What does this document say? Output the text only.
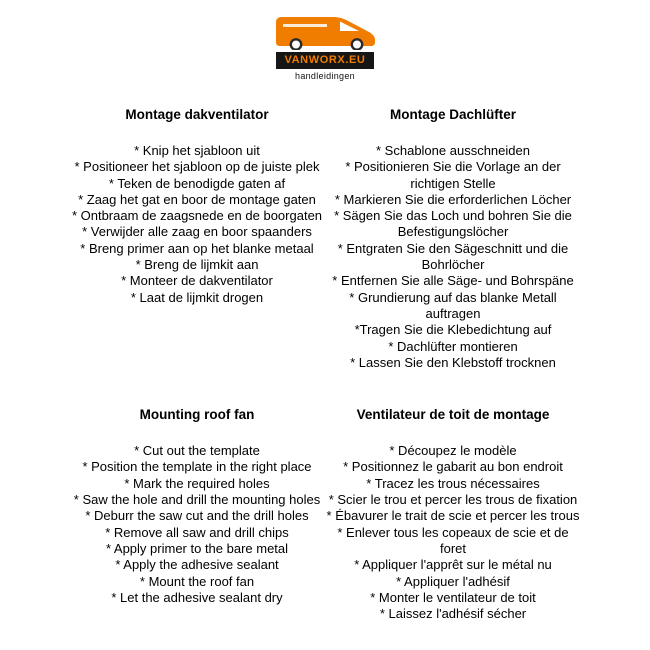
VANWORX.EU
handleidingen
Montage dakventilator
* Knip het sjabloon uit
* Positioneer het sjabloon op de juiste plek
* Teken de benodigde gaten af
* Zaag het gat en boor de montage gaten
* Ontbraam de zaagsnede en de boorgaten
* Verwijder alle zaag en boor spaanders
* Breng primer aan op het blanke metaal
* Breng de lijmkit aan
* Monteer de dakventilator
* Laat de lijmkit drogen
Montage Dachlüfter
* Schablone ausschneiden
* Positionieren Sie die Vorlage an der richtigen Stelle
* Markieren Sie die erforderlichen Löcher
* Sägen Sie das Loch und bohren Sie die Befestigungslöcher
* Entgraten Sie den Sägeschnitt und die Bohrlöcher
* Entfernen Sie alle Säge- und Bohrspäne
* Grundierung auf das blanke Metall auftragen
*Tragen Sie die Klebedichtung auf
* Dachlüfter montieren
* Lassen Sie den Klebstoff trocknen
Mounting roof fan
* Cut out the template
* Position the template in the right place
* Mark the required holes
* Saw the hole and drill the mounting holes
* Deburr the saw cut and the drill holes
* Remove all saw and drill chips
* Apply primer to the bare metal
* Apply the adhesive sealant
* Mount the roof fan
* Let the adhesive sealant dry
Ventilateur de toit de montage
* Découpez le modèle
* Positionnez le gabarit au bon endroit
* Tracez les trous nécessaires
* Scier le trou et percer les trous de fixation
* Ébavurer le trait de scie et percer les trous
* Enlever tous les copeaux de scie et de foret
* Appliquer l'apprêt sur le métal nu
* Appliquer l'adhésif
* Monter le ventilateur de toit
* Laissez l'adhésif sécher
